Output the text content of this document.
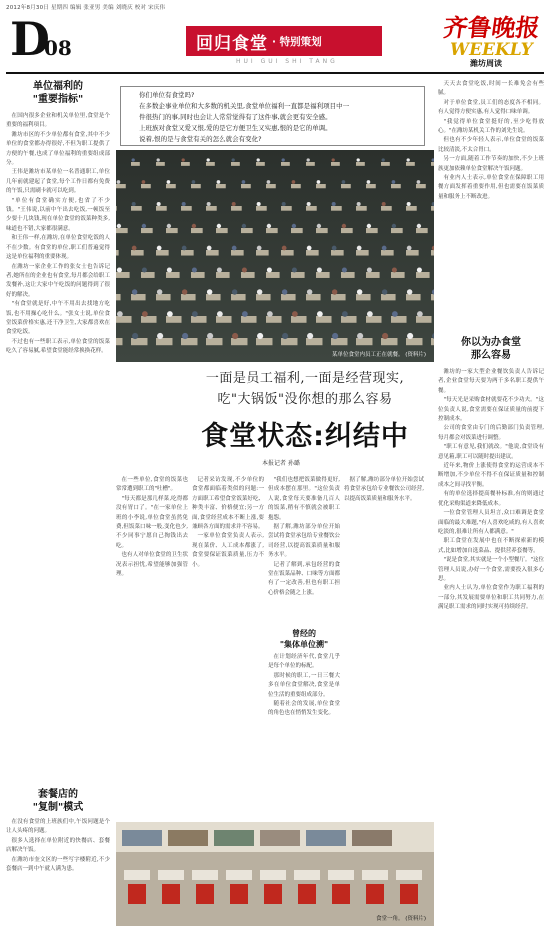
2012年8月30日 星期四 编辑 张亚男 美编 刘晓庆 校对 宋庆伟
齐鲁晚报
D
08	回归食堂 · 特别策划
HUI GUI SHI TANG
WEEKLY
潍坊周读
单位福利的
"重要指标"

在国内很多企业和机关单位里,食堂是个重要的福利项目。

潍坊市区的不少单位都有食堂,其中不少单位的食堂都办得很好,不但为职工提供了方便的午餐,也成了单位福利的重要组成部分。

王伟是潍坊市某单位一名普通职工,单位几年前就建起了食堂,每个工作日都有免费的午饭,只需刷卡就可以吃到。

"单位有食堂确实方便,也省了不少钱。"王伟说,以前中午出去吃饭,一顿饭至少要十几块钱,现在单位食堂的饭菜种类多,味道也不错,大家都很满意。

和王伟一样,在潍坊,在单位食堂吃饭的人不在少数。有食堂的单位,职工们普遍觉得这是单位福利的重要体现。

在潍坊一家企业工作的张女士也告诉记者,她所在的企业也有食堂,每月都会给职工发餐补,这让大家中午吃饭的问题得到了很好的解决。

"有食堂就是好,中午不用出去找地方吃饭,也不用操心吃什么。"张女士说,单位食堂饭菜价格实惠,还干净卫生,大家都喜欢在食堂吃饭。

不过也有一些职工表示,单位食堂的饭菜吃久了容易腻,希望食堂能经常换换花样。

套餐店的
"复制"模式

在没有食堂的上班族们中,午饭问题是个让人头疼的问题。

很多人选择在单位附近的快餐店、套餐店解决午饭。

在潍坊市奎文区的一些写字楼附近,不少套餐店一到中午就人满为患。

你们单位有食堂吗?
在多数企事业单位和大多数的机关里,食堂单位福利一直都是福利项目中一
件很热门的事,同时也会让人常常觉得有了这件事,就会更有安全感。
上班族对食堂又爱又恨,爱的是它方便卫生又实惠,恨的是它的单调。
说着,恨的是与食堂有关的怎么就会有变化?
某单位食堂内员工正在就餐。 (资料片)
一面是员工福利,一面是经营现实,
吃"大锅饭"没你想的那么容易
食堂状态:纠结中
本报记者 孙璐

在一些单位,食堂的饭菜也常常遭到职工的"吐槽"。

"每天都是那几样菜,吃得都没有胃口了。"在一家单位上班的小李说,单位食堂虽然免费,但饭菜口味一般,变化也少,不少同事宁愿自己掏钱出去吃。

也有人对单位食堂的卫生状况表示担忧,希望能够加强管理。

记者采访发现,不少单位的食堂都面临着类似的问题:一方面职工希望食堂饭菜好吃、种类丰富、价格便宜;另一方面,食堂经营成本不断上涨,要兼顾各方面的需求并不容易。

一家单位食堂负责人表示,现在菜价、人工成本都涨了,食堂要保证饭菜质量,压力不小。

"我们也想把饭菜做得更好,但成本摆在那里。"这位负责人说,食堂每天要准备几百人的饭菜,稍有不慎就会被职工抱怨。

据了解,潍坊部分单位开始尝试将食堂承包给专业餐饮公司经营,以提高饭菜质量和服务水平。

记者了解到,承包经营的食堂在饭菜品种、口味等方面都有了一定改善,但也有职工担心价格会随之上涨。

据了解,潍坊部分单位开始尝试将食堂承包给专业餐饮公司经营,以提高饭菜质量和服务水平。

曾经的
"集体单位溯"

在计划经济年代,食堂几乎是每个单位的标配。

那时候的职工,一日三餐大多在单位食堂解决,食堂是单位生活的重要组成部分。

随着社会的发展,单位食堂的角色也在悄悄发生变化。

食堂一角。 (资料片)

天天去食堂吃饭,时间一长难免会有些腻。

对于单位食堂,员工们的态度各不相同。有人觉得方便实惠,有人觉得口味单调。

"我觉得单位食堂挺好的,至少吃得放心。"在潍坊某机关工作的刘先生说。

但也有不少年轻人表示,单位食堂的饭菜比较清淡,不太合胃口。

另一方面,随着工作节奏的加快,不少上班族更加依赖单位食堂解决午饭问题。

有业内人士表示,单位食堂在保障职工用餐方面发挥着重要作用,但也需要在饭菜质量和服务上不断改进。

你以为办食堂
那么容易

潍坊的一家大型企业餐饮负责人告诉记者,企业食堂每天要为两千多名职工提供午餐。

"每天光是采购食材就要花不少功夫。"这位负责人说,食堂需要在保证质量的前提下控制成本。

公司的食堂由专门的后勤部门负责管理,每月都会对饭菜进行调整。

"职工有意见,我们就改。"他说,食堂设有意见箱,职工可以随时提出建议。

近年来,物价上涨使得食堂的运营成本不断增加,不少单位不得不在保证质量和控制成本之间寻找平衡。

有的单位选择提高餐补标准,有的则通过优化采购渠道来降低成本。

一位食堂管理人员坦言,众口难调是食堂面临的最大难题,"有人喜欢吃咸的,有人喜欢吃淡的,很难让所有人都满意。"

职工食堂在发展中也在不断探索新的模式,比如增加自选菜品、提供营养套餐等。

"说是食堂,其实就是一个小型餐厅。"这位管理人员说,办好一个食堂,需要投入很多心思。

业内人士认为,单位食堂作为职工福利的一部分,其发展需要单位和职工共同努力,在满足职工需求的同时实现可持续经营。
